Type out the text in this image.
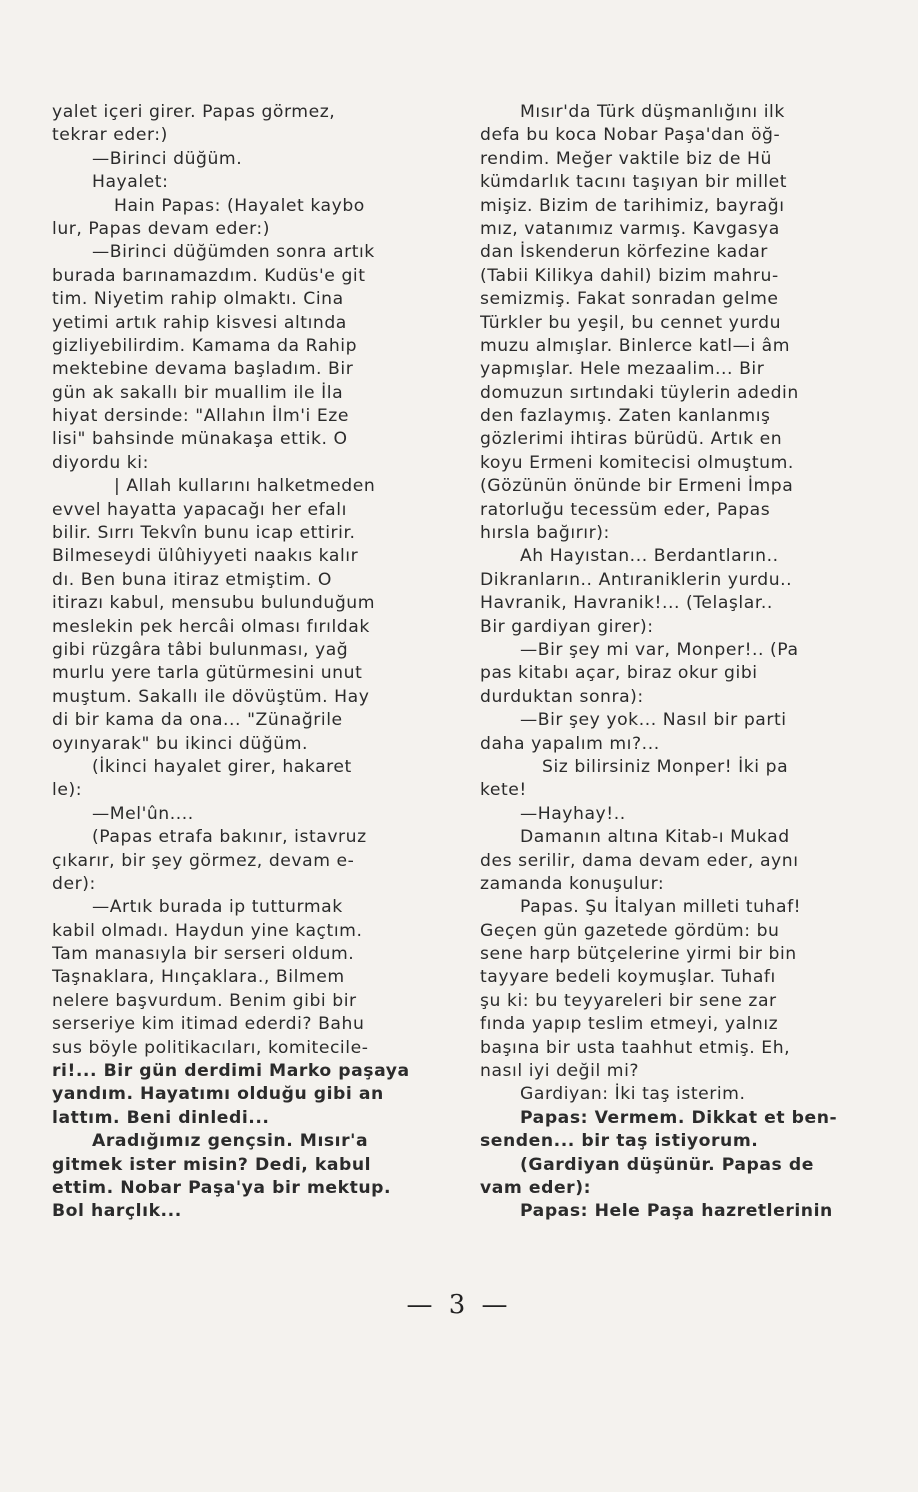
yalet içeri girer. Papas görmez,
tekrar eder:)
—Birinci düğüm.
Hayalet:
Hain Papas: (Hayalet kaybo
lur, Papas devam eder:)
—Birinci düğümden sonra artık
burada barınamazdım. Kudüs'e git
tim. Niyetim rahip olmaktı. Cina
yetimi artık rahip kisvesi altında
gizliyebilirdim. Kamama da Rahip
mektebine devama başladım. Bir
gün ak sakallı bir muallim ile İla
hiyat dersinde: "Allahın İlm'i Eze
lisi" bahsinde münakaşa ettik. O
diyordu ki:
| Allah kullarını halketmeden
evvel hayatta yapacağı her efalı
bilir. Sırrı Tekvîn bunu icap ettirir.
Bilmeseydi ülûhiyyeti naakıs kalır
dı. Ben buna itiraz etmiştim. O
itirazı kabul, mensubu bulunduğum
meslekin pek hercâi olması fırıldak
gibi rüzgâra tâbi bulunması, yağ
murlu yere tarla gütürmesini unut
muştum. Sakallı ile dövüştüm. Hay
di bir kama da ona... "Zünağrile
oyınyarak" bu ikinci düğüm.
(İkinci hayalet girer, hakaret
le):
—Mel'ûn....
(Papas etrafa bakınır, istavruz
çıkarır, bir şey görmez, devam e-
der):
—Artık burada ip tutturmak
kabil olmadı. Haydun yine kaçtım.
Tam manasıyla bir serseri oldum.
Taşnaklara, Hınçaklara., Bilmem
nelere başvurdum. Benim gibi bir
serseriye kim itimad ederdi? Bahu
sus böyle politikacıları, komitecile-
ri!... Bir gün derdimi Marko paşaya
yandım. Hayatımı olduğu gibi an
lattım. Beni dinledi...
Aradığımız gençsin. Mısır'a
gitmek ister misin? Dedi, kabul
ettim. Nobar Paşa'ya bir mektup.
Bol harçlık...
Mısır'da Türk düşmanlığını ilk
defa bu koca Nobar Paşa'dan öğ-
rendim. Meğer vaktile biz de Hü
kümdarlık tacını taşıyan bir millet
mişiz. Bizim de tarihimiz, bayrağı
mız, vatanımız varmış. Kavgasya
dan İskenderun körfezine kadar
(Tabii Kilikya dahil) bizim mahru-
semizmiş. Fakat sonradan gelme
Türkler bu yeşil, bu cennet yurdu
muzu almışlar. Binlerce katl—i âm
yapmışlar. Hele mezaalim... Bir
domuzun sırtındaki tüylerin adedin
den fazlaymış. Zaten kanlanmış
gözlerimi ihtiras bürüdü. Artık en
koyu Ermeni komitecisi olmuştum.
(Gözünün önünde bir Ermeni İmpa
ratorluğu tecessüm eder, Papas
hırsla bağırır):
Ah Hayıstan... Berdantların..
Dikranların.. Antıraniklerin yurdu..
Havranik, Havranik!... (Telaşlar..
Bir gardiyan girer):
—Bir şey mi var, Monper!.. (Pa
pas kitabı açar, biraz okur gibi
durduktan sonra):
—Bir şey yok... Nasıl bir parti
daha yapalım mı?...
Siz bilirsiniz Monper! İki pa
kete!
—Hayhay!..
Damanın altına Kitab-ı Mukad
des serilir, dama devam eder, aynı
zamanda konuşulur:
Papas. Şu İtalyan milleti tuhaf!
Geçen gün gazetede gördüm: bu
sene harp bütçelerine yirmi bir bin
tayyare bedeli koymuşlar. Tuhafı
şu ki: bu teyyareleri bir sene zar
fında yapıp teslim etmeyi, yalnız
başına bir usta taahhut etmiş. Eh,
nasıl iyi değil mi?
Gardiyan: İki taş isterim.
Papas: Vermem. Dikkat et ben-
senden... bir taş istiyorum.
(Gardiyan düşünür. Papas de
vam eder):
Papas: Hele Paşa hazretlerinin
— 3 —
